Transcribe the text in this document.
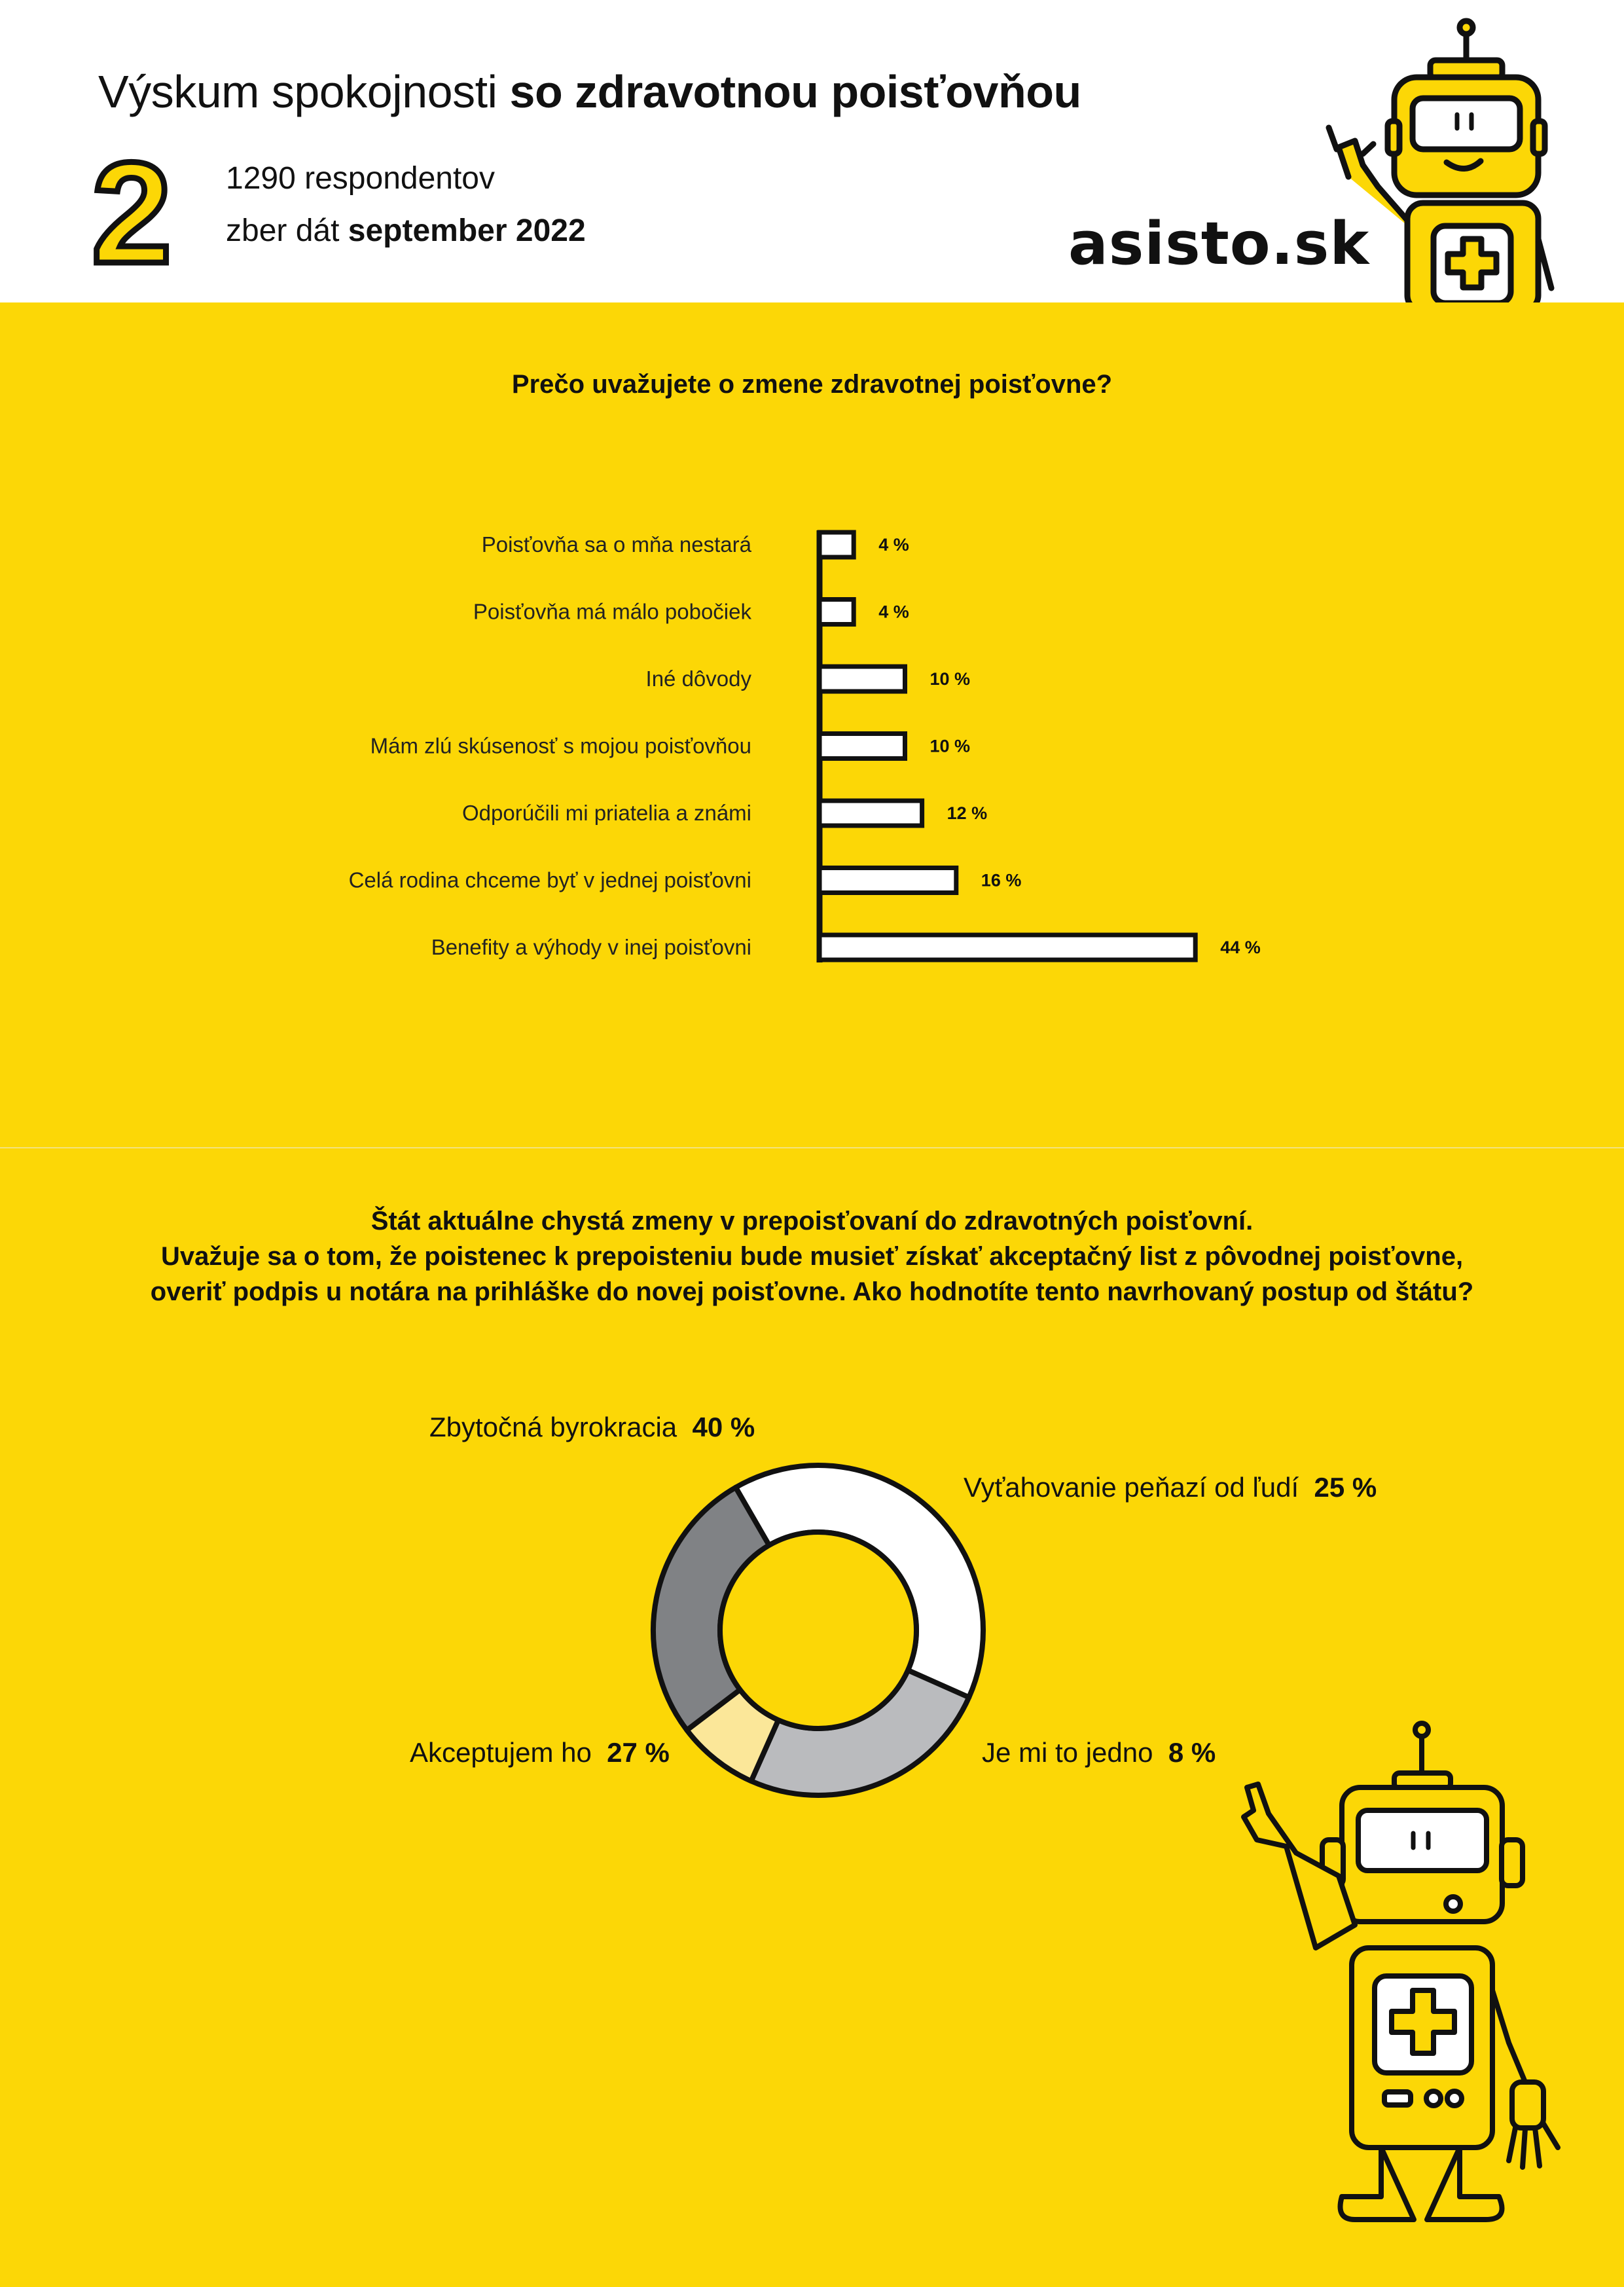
Výskum spokojnosti so zdravotnou poisťovňou
2 1290 respondentov
zber dát september 2022	asisto.sk
Prečo uvažujete o zmene zdravotnej poisťovne?
Poisťovňa sa o mňa nestará	4 %
Poisťovňa má málo pobočiek	4 %
Iné dôvody	10 %
Mám zlú skúsenosť s mojou poisťovňou	10 %
Odporúčili mi priatelia a známi	12 %
Celá rodina chceme byť v jednej poisťovni	16 %
Benefity a výhody v inej poisťovni	44 %
Štát aktuálne chystá zmeny v prepoisťovaní do zdravotných poisťovní.
Uvažuje sa o tom, že poistenec k prepoisteniu bude musieť získať akceptačný list z pôvodnej poisťovne,
overiť podpis u notára na prihláške do novej poisťovne. Ako hodnotíte tento navrhovaný postup od štátu?
Zbytočná byrokracia 40 %
Vyťahovanie peňazí od ľudí 25 %
Je mi to jedno 8 %
Akceptujem ho 27 %
